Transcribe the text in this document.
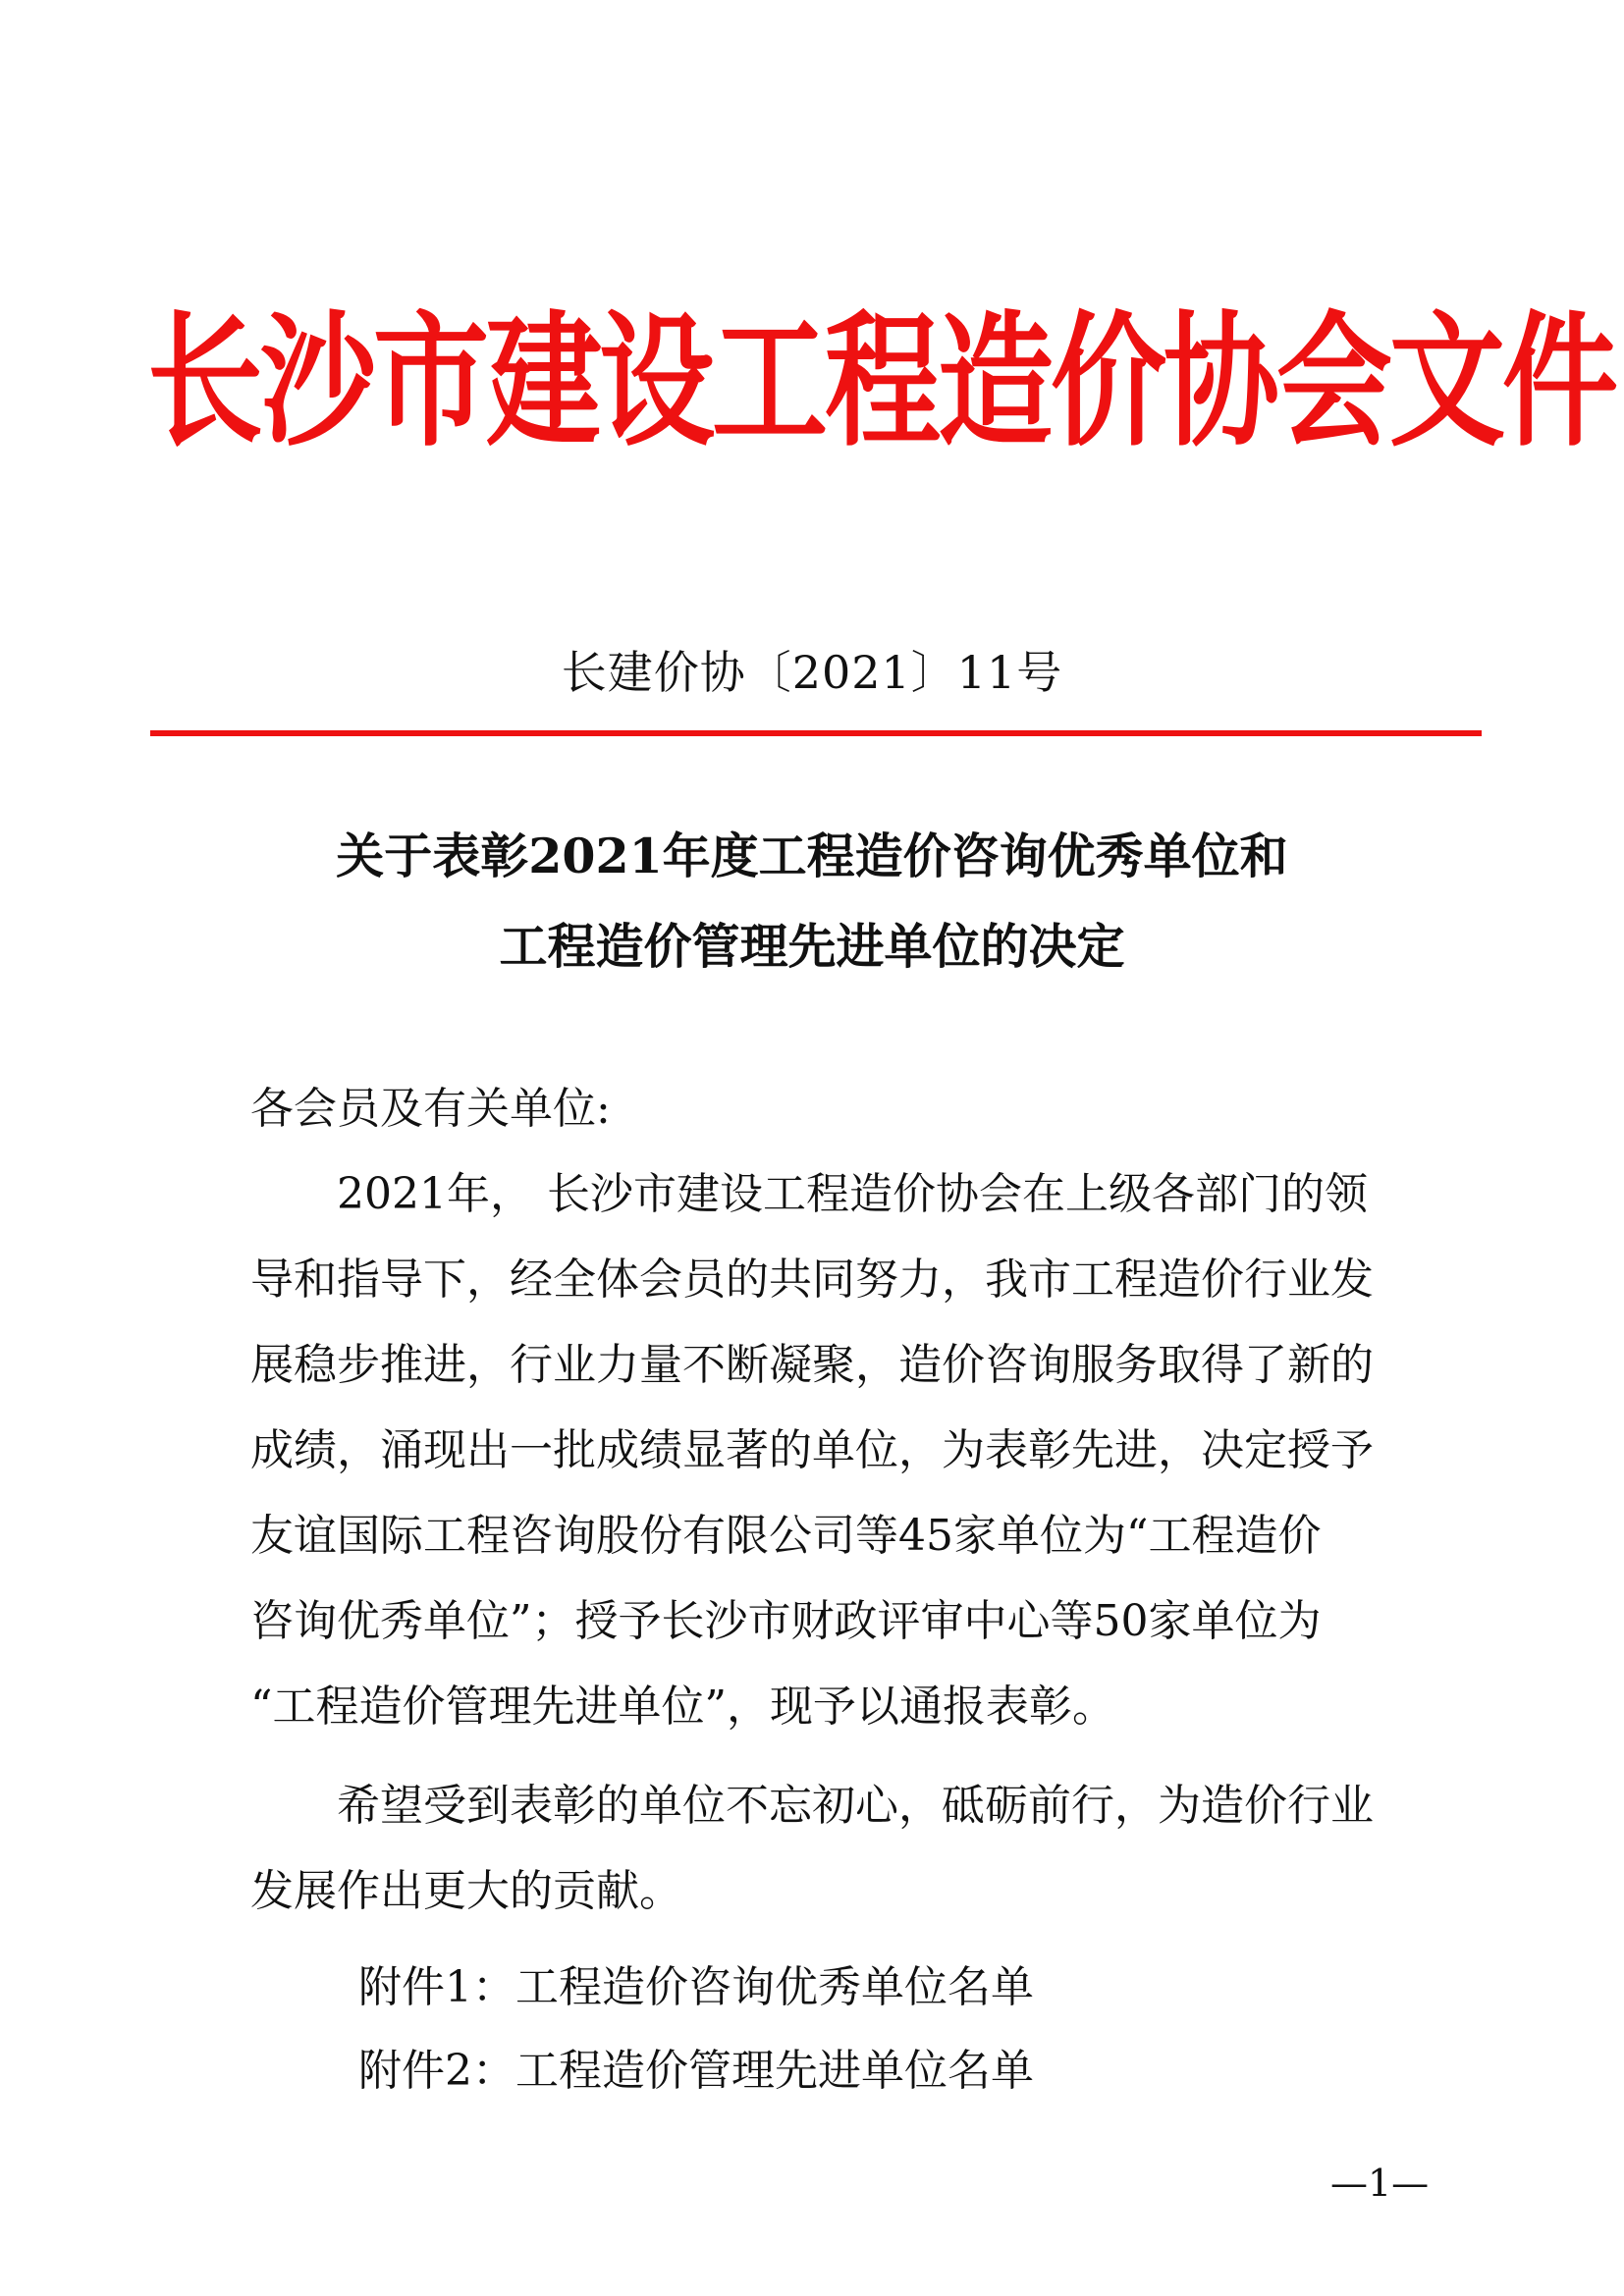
长沙市建设工程造价协会文件
长建价协〔2021〕11号
关于表彰2021年度工程造价咨询优秀单位和
工程造价管理先进单位的决定
各会员及有关单位:
2021年， 长沙市建设工程造价协会在上级各部门的领
导和指导下，经全体会员的共同努力，我市工程造价行业发
展稳步推进，行业力量不断凝聚，造价咨询服务取得了新的
成绩，涌现出一批成绩显著的单位，为表彰先进，决定授予
友谊国际工程咨询股份有限公司等45家单位为“工程造价
咨询优秀单位”；授予长沙市财政评审中心等50家单位为
“工程造价管理先进单位”，现予以通报表彰。
希望受到表彰的单位不忘初心，砥砺前行，为造价行业
发展作出更大的贡献。
附件1：工程造价咨询优秀单位名单
附件2：工程造价管理先进单位名单
—1—
